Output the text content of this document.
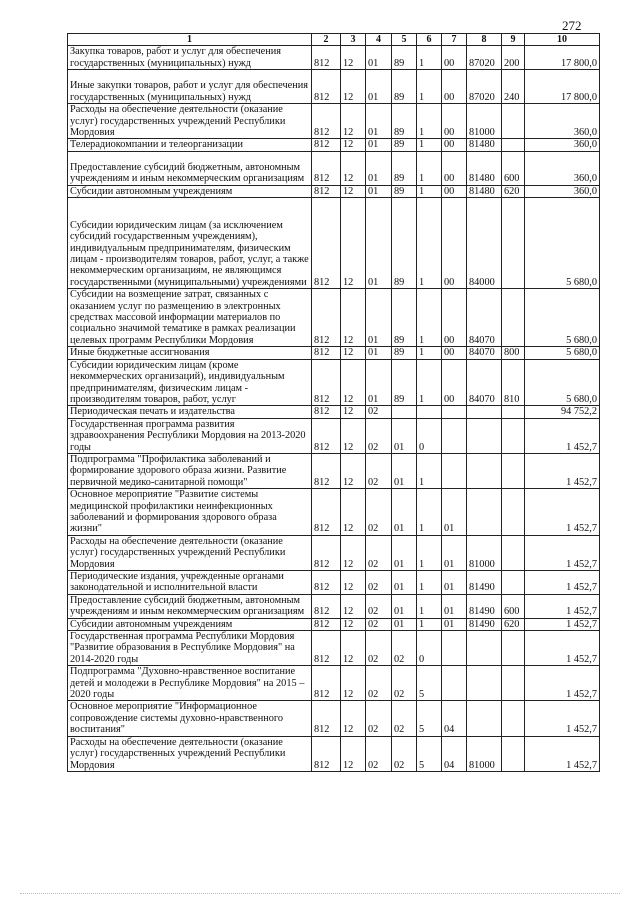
272
1	2	3	4	5	6	7	8	9	10
Закупка товаров, работ и услуг для обеспечения государственных (муниципальных) нужд	812	12	01	89	1	00	87020	200	17 800,0
Иные закупки товаров, работ и услуг для обеспечения государственных (муниципальных) нужд	812	12	01	89	1	00	87020	240	17 800,0
Расходы на обеспечение деятельности (оказание услуг) государственных учреждений Республики Мордовия	812	12	01	89	1	00	81000		360,0
Телерадиокомпании и телеорганизации	812	12	01	89	1	00	81480		360,0
Предоставление субсидий бюджетным, автономным учреждениям и иным некоммерческим организациям	812	12	01	89	1	00	81480	600	360,0
Субсидии автономным учреждениям	812	12	01	89	1	00	81480	620	360,0
Субсидии юридическим лицам (за исключением субсидий государственным учреждениям), индивидуальным предпринимателям, физическим лицам - производителям товаров, работ, услуг, а также некоммерческим организациям, не являющимся государственными (муниципальными) учреждениями	812	12	01	89	1	00	84000		5 680,0
Субсидии на возмещение затрат, связанных с оказанием услуг по размещению в электронных средствах массовой информации материалов по социально значимой тематике в рамках реализации целевых программ Республики Мордовия	812	12	01	89	1	00	84070		5 680,0
Иные бюджетные ассигнования	812	12	01	89	1	00	84070	800	5 680,0
Субсидии юридическим лицам (кроме некоммерческих организаций), индивидуальным предпринимателям, физическим лицам - производителям товаров, работ, услуг	812	12	01	89	1	00	84070	810	5 680,0
Периодическая печать и издательства	812	12	02						94 752,2
Государственная программа развития здравоохранения Республики Мордовия на 2013-2020 годы	812	12	02	01	0				1 452,7
Подпрограмма "Профилактика заболеваний и формирование здорового образа жизни. Развитие первичной медико-санитарной помощи"	812	12	02	01	1				1 452,7
Основное мероприятие "Развитие системы медицинской профилактики неинфекционных заболеваний и формирования здорового образа жизни"	812	12	02	01	1	01			1 452,7
Расходы на обеспечение деятельности (оказание услуг) государственных учреждений Республики Мордовия	812	12	02	01	1	01	81000		1 452,7
Периодические издания, учрежденные органами законодательной и исполнительной власти	812	12	02	01	1	01	81490		1 452,7
Предоставление субсидий бюджетным, автономным учреждениям и иным некоммерческим организациям	812	12	02	01	1	01	81490	600	1 452,7
Субсидии автономным учреждениям	812	12	02	01	1	01	81490	620	1 452,7
Государственная программа Республики Мордовия "Развитие образования в Республике Мордовия" на 2014-2020 годы	812	12	02	02	0				1 452,7
Подпрограмма "Духовно-нравственное воспитание детей и молодежи в Республике Мордовия" на 2015 – 2020 годы	812	12	02	02	5				1 452,7
Основное мероприятие "Информационное сопровождение системы духовно-нравственного воспитания"	812	12	02	02	5	04			1 452,7
Расходы на обеспечение деятельности (оказание услуг) государственных учреждений Республики Мордовия	812	12	02	02	5	04	81000		1 452,7
